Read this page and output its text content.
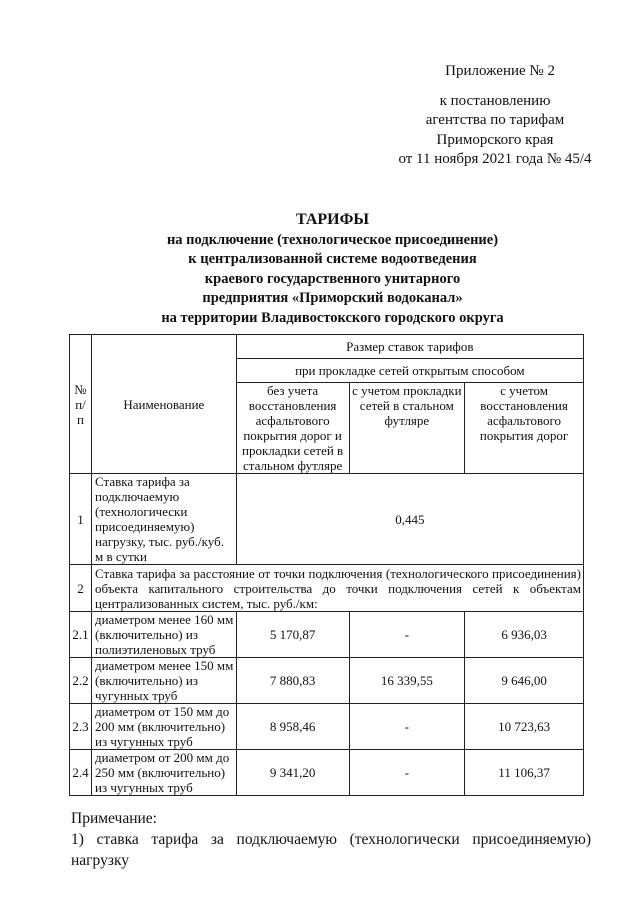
Приложение № 2
к постановлению
агентства по тарифам
Приморского края
от 11 ноября 2021 года № 45/4
ТАРИФЫ
на подключение (технологическое присоединение)
к централизованной системе водоотведения
краевого государственного унитарного
предприятия «Приморский водоканал»
на территории Владивостокского городского округа
№ п/п	Наименование	Размер ставок тарифов		
		при прокладке сетей открытым способом		
		без учета восстановления асфальтового покрытия дорог и прокладки сетей в стальном футляре	с учетом прокладки сетей в стальном футляре	с учетом восстановления асфальтового покрытия дорог
1	Ставка тарифа за подключаемую (технологически присоединяемую) нагрузку, тыс. руб./куб. м в сутки	0,445		
2	Ставка тарифа за расстояние от точки подключения (технологического присоединения) объекта капитального строительства до точки подключения сетей к объектам централизованных систем, тыс. руб./км:			
2.1	диаметром менее 160 мм (включительно) из полиэтиленовых труб	5 170,87	-	6 936,03
2.2	диаметром менее 150 мм (включительно) из чугунных труб	7 880,83	16 339,55	9 646,00
2.3	диаметром от 150 мм до 200 мм (включительно) из чугунных труб	8 958,46	-	10 723,63
2.4	диаметром от 200 мм до 250 мм (включительно) из чугунных труб	9 341,20	-	11 106,37
Примечание:
1) ставка тарифа за подключаемую (технологически присоединяемую) нагрузку
